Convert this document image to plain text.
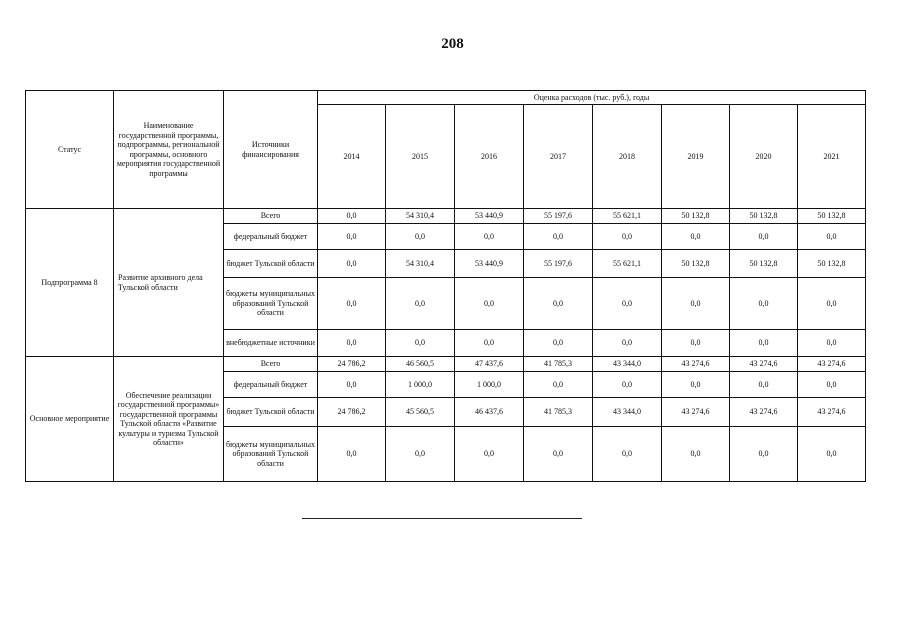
208
Статус	Наименование государственной программы, подпрограммы, региональной программы, основного мероприятия государственной программы	Источники финансирования	Оценка расходов (тыс. руб.), годы							
			2014	2015	2016	2017	2018	2019	2020	2021
Подпрограмма 8	Развитие архивного дела Тульской области	Всего	0,0	54 310,4	53 440,9	55 197,6	55 621,1	50 132,8	50 132,8	50 132,8
		федеральный бюджет	0,0	0,0	0,0	0,0	0,0	0,0	0,0	0,0
		бюджет Тульской области	0,0	54 310,4	53 440,9	55 197,6	55 621,1	50 132,8	50 132,8	50 132,8
		бюджеты муниципальных образований Тульской области	0,0	0,0	0,0	0,0	0,0	0,0	0,0	0,0
		внебюджетные источники	0,0	0,0	0,0	0,0	0,0	0,0	0,0	0,0
Основное мероприятие	Обеспечение реализации государственной программы» государственной программы Тульской области «Развитие культуры и туризма Тульской области»	Всего	24 786,2	46 560,5	47 437,6	41 785,3	43 344,0	43 274,6	43 274,6	43 274,6
		федеральный бюджет	0,0	1 000,0	1 000,0	0,0	0,0	0,0	0,0	0,0
		бюджет Тульской области	24 786,2	45 560,5	46 437,6	41 785,3	43 344,0	43 274,6	43 274,6	43 274,6
		бюджеты муниципальных образований Тульской области	0,0	0,0	0,0	0,0	0,0	0,0	0,0	0,0
